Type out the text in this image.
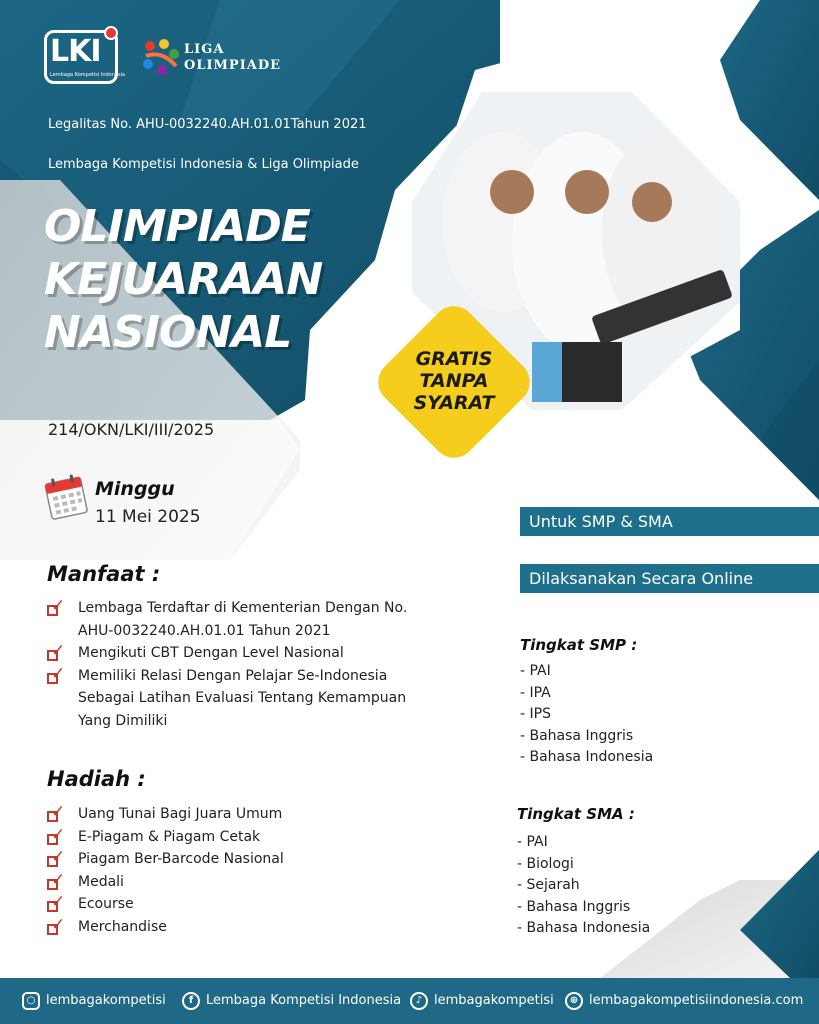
LKI
Lembaga Kompetisi Indonesia
LIGA
OLIMPIADE
Legalitas No. AHU-0032240.AH.01.01Tahun 2021
Lembaga Kompetisi Indonesia & Liga Olimpiade
OLIMPIADE
KEJUARAAN
NASIONAL
GRATIS
TANPA
SYARAT
214/OKN/LKI/III/2025
Minggu
11 Mei 2025
Manfaat :
✓ Lembaga Terdaftar di Kementerian Dengan No.
AHU-0032240.AH.01.01 Tahun 2021
✓ Mengikuti CBT Dengan Level Nasional
✓ Memiliki Relasi Dengan Pelajar Se-Indonesia
Sebagai Latihan Evaluasi Tentang Kemampuan
Yang Dimiliki
Hadiah :
✓ Uang Tunai Bagi Juara Umum
✓ E-Piagam & Piagam Cetak
✓ Piagam Ber-Barcode Nasional
✓ Medali
✓ Ecourse
✓ Merchandise
Untuk SMP & SMA
Dilaksanakan Secara Online
Tingkat SMP :
- PAI
- IPA
- IPS
- Bahasa Inggris
- Bahasa Indonesia
Tingkat SMA :
- PAI
- Biologi
- Sejarah
- Bahasa Inggris
- Bahasa Indonesia
○ lembagakompetisi	f Lembaga Kompetisi Indonesia	♪ lembagakompetisi	⊕ lembagakompetisiindonesia.com
